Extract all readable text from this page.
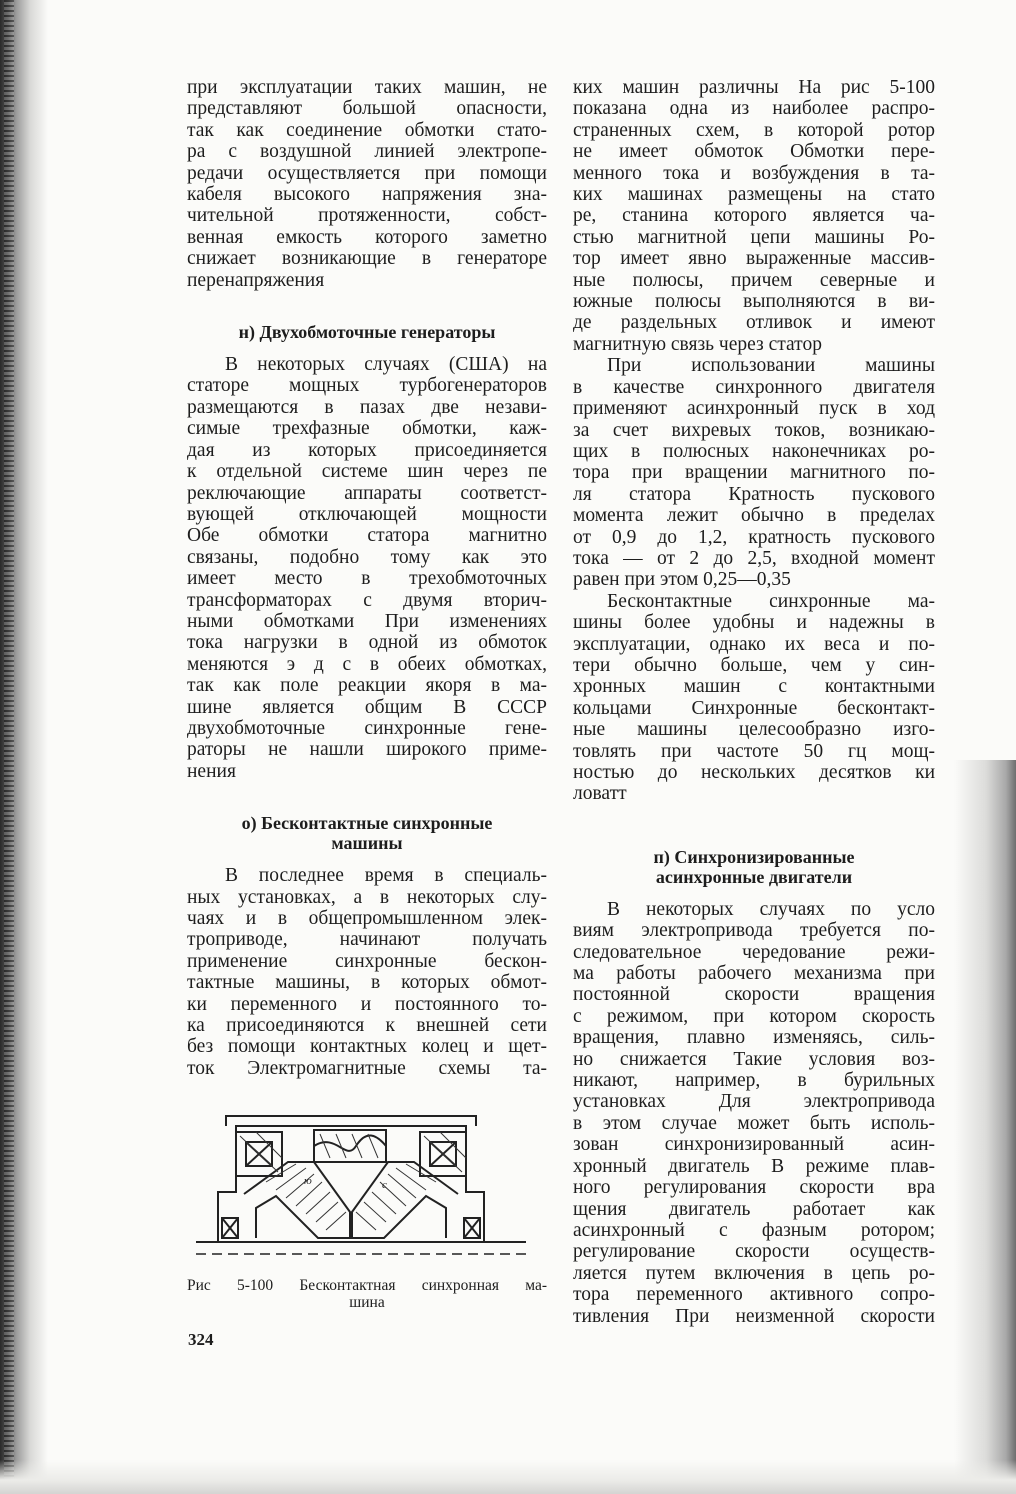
при эксплуатации таких машин, не
представляют большой опасности,
так как соединение обмотки стато-
ра с воздушной линией электропе-
редачи осуществляется при помощи
кабеля высокого напряжения зна-
чительной протяженности, собст-
венная емкость которого заметно
снижает возникающие в генераторе
перенапряжения
н) Двухобмоточные генераторы
В некоторых случаях (США) на
статоре мощных турбогенераторов
размещаются в пазах две незави-
симые трехфазные обмотки, каж-
дая из которых присоединяется
к отдельной системе шин через пе
реключающие аппараты соответст-
вующей отключающей мощности
Обе обмотки статора магнитно
связаны, подобно тому как это
имеет место в трехобмоточных
трансформаторах с двумя вторич-
ными обмотками При изменениях
тока нагрузки в одной из обмоток
меняются э д с в обеих обмотках,
так как поле реакции якоря в ма-
шине является общим В СССР
двухобмоточные синхронные гене-
раторы не нашли широкого приме-
нения
о) Бесконтактные синхронные
машины
В последнее время в специаль-
ных установках, а в некоторых слу-
чаях и в общепромышленном элек-
троприводе, начинают получать
применение синхронные бескон-
тактные машины, в которых обмот-
ки переменного и постоянного то-
ка присоединяются к внешней сети
без помощи контактных колец и щет-
ток Электромагнитные схемы та-
ю	с
Рис 5-100 Бесконтактная синхронная ма-
шина
324
ких машин различны На рис 5-100
показана одна из наиболее распро-
страненных схем, в которой ротор
не имеет обмоток Обмотки пере-
менного тока и возбуждения в та-
ких машинах размещены на стато
ре, станина которого является ча-
стью магнитной цепи машины Ро-
тор имеет явно выраженные массив-
ные полюсы, причем северные и
южные полюсы выполняются в ви-
де раздельных отливок и имеют
магнитную связь через статор
При использовании машины
в качестве синхронного двигателя
применяют асинхронный пуск в ход
за счет вихревых токов, возникаю-
щих в полюсных наконечниках ро-
тора при вращении магнитного по-
ля статора Кратность пускового
момента лежит обычно в пределах
от 0,9 до 1,2, кратность пускового
тока — от 2 до 2,5, входной момент
равен при этом 0,25—0,35
Бесконтактные синхронные ма-
шины более удобны и надежны в
эксплуатации, однако их веса и по-
тери обычно больше, чем у син-
хронных машин с контактными
кольцами Синхронные бесконтакт-
ные машины целесообразно изго-
товлять при частоте 50 гц мощ-
ностью до нескольких десятков ки
ловатт
п) Синхронизированные
асинхронные двигатели
В некоторых случаях по усло
виям электропривода требуется по-
следовательное чередование режи-
ма работы рабочего механизма при
постоянной скорости вращения
с режимом, при котором скорость
вращения, плавно изменяясь, силь-
но снижается Такие условия воз-
никают, например, в бурильных
установках Для электропривода
в этом случае может быть исполь-
зован синхронизированный асин-
хронный двигатель В режиме плав-
ного регулирования скорости вра
щения двигатель работает как
асинхронный с фазным ротором;
регулирование скорости осуществ-
ляется путем включения в цепь ро-
тора переменного активного сопро-
тивления При неизменной скорости
